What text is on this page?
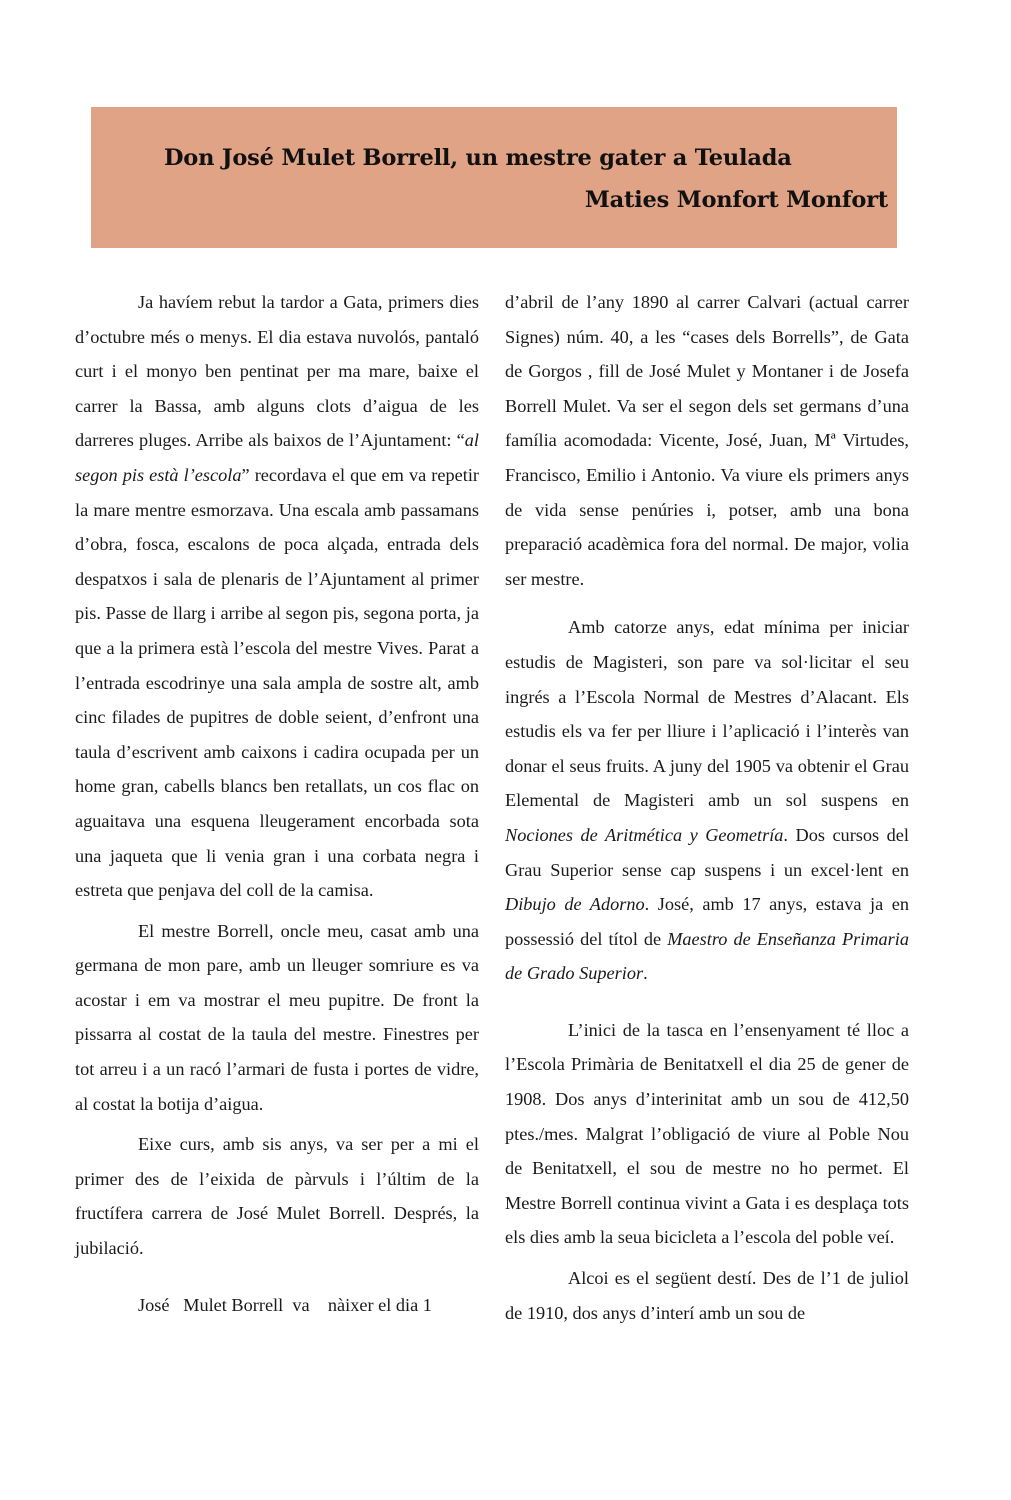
Don José Mulet Borrell, un mestre gater a Teulada
Maties Monfort Monfort

Ja havíem rebut la tardor a Gata, primers dies d’octubre més o menys. El dia estava nuvolós, pantaló curt i el monyo ben pentinat per ma mare, baixe el carrer la Bassa, amb alguns clots d’aigua de les darreres pluges. Arribe als baixos de l’Ajuntament: “al segon pis està l’escola” recordava el que em va repetir la mare mentre esmorzava. Una escala amb passamans d’obra, fosca, escalons de poca alçada, entrada dels despatxos i sala de plenaris de l’Ajuntament al primer pis. Passe de llarg i arribe al segon pis, segona porta, ja que a la primera està l’escola del mestre Vives. Parat a l’entrada escodrinye una sala ampla de sostre alt, amb cinc filades de pupitres de doble seient, d’enfront una taula d’escrivent amb caixons i cadira ocupada per un home gran, cabells blancs ben retallats, un cos flac on aguaitava una esquena lleugerament encorbada sota una jaqueta que li venia gran i una corbata negra i estreta que penjava del coll de la camisa.

El mestre Borrell, oncle meu, casat amb una germana de mon pare, amb un lleuger somriure es va acostar i em va mostrar el meu pupitre. De front la pissarra al costat de la taula del mestre. Finestres per tot arreu i a un racó l’armari de fusta i portes de vidre, al costat la botija d’aigua.

Eixe curs, amb sis anys, va ser per a mi el primer des de l’eixida de pàrvuls i l’últim de la fructífera carrera de José Mulet Borrell. Després, la jubilació.

José   Mulet Borrell  va    nàixer el dia 1

d’abril de l’any 1890 al carrer Calvari (actual carrer Signes) núm. 40, a les “cases dels Borrells”, de Gata de Gorgos , fill de José Mulet y Montaner i de Josefa Borrell Mulet. Va ser el segon dels set germans d’una família acomodada: Vicente, José, Juan, Mª Virtudes, Francisco, Emilio i Antonio. Va viure els primers anys de vida sense penúries i, potser, amb una bona preparació acadèmica fora del normal. De major, volia ser mestre.

Amb catorze anys, edat mínima per iniciar estudis de Magisteri, son pare va sol·licitar el seu ingrés a l’Escola Normal de Mestres d’Alacant. Els estudis els va fer per lliure i l’aplicació i l’interès van donar el seus fruits. A juny del 1905 va obtenir el Grau Elemental de Magisteri amb un sol suspens en Nociones de Aritmética y Geometría. Dos cursos del Grau Superior sense cap suspens i un excel·lent en Dibujo de Adorno. José, amb 17 anys, estava ja en possessió del títol de Maestro de Enseñanza Primaria de Grado Superior.

L’inici de la tasca en l’ensenyament té lloc a l’Escola Primària de Benitatxell el dia 25 de gener de 1908. Dos anys d’interinitat amb un sou de 412,50 ptes./mes. Malgrat l’obligació de viure al Poble Nou de Benitatxell, el sou de mestre no ho permet. El Mestre Borrell continua vivint a Gata i es desplaça tots els dies amb la seua bicicleta a l’escola del poble veí.

Alcoi es el següent destí. Des de l’1 de juliol de 1910, dos anys d’interí amb un sou de
